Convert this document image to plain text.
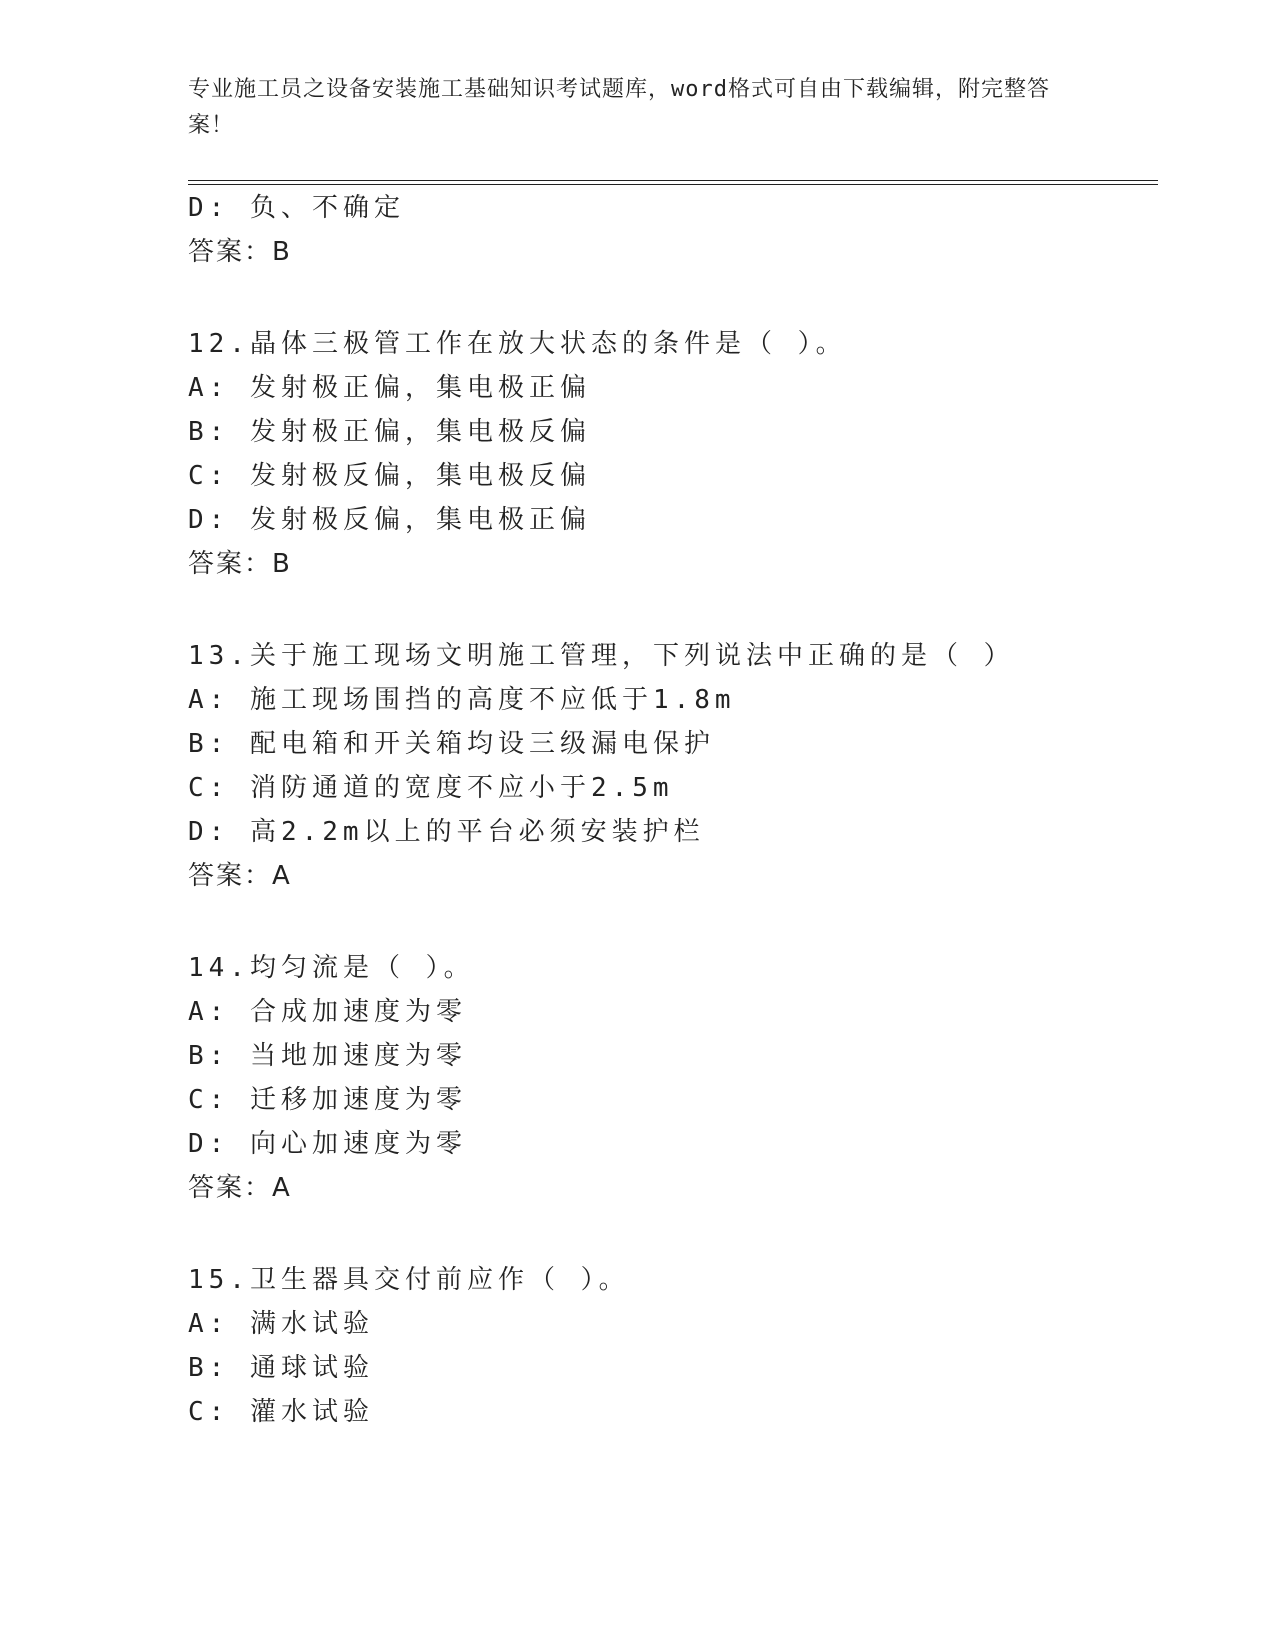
专业施工员之设备安装施工基础知识考试题库，word格式可自由下载编辑，附完整答案！
D: 负、不确定
答案：B
12.晶体三极管工作在放大状态的条件是（ ）。
A: 发射极正偏，集电极正偏
B: 发射极正偏，集电极反偏
C: 发射极反偏，集电极反偏
D: 发射极反偏，集电极正偏
答案：B
13.关于施工现场文明施工管理，下列说法中正确的是（ ）
A: 施工现场围挡的高度不应低于1.8m
B: 配电箱和开关箱均设三级漏电保护
C: 消防通道的宽度不应小于2.5m
D: 高2.2m以上的平台必须安装护栏
答案：A
14.均匀流是（ ）。
A: 合成加速度为零
B: 当地加速度为零
C: 迁移加速度为零
D: 向心加速度为零
答案：A
15.卫生器具交付前应作（ ）。
A: 满水试验
B: 通球试验
C: 灌水试验
